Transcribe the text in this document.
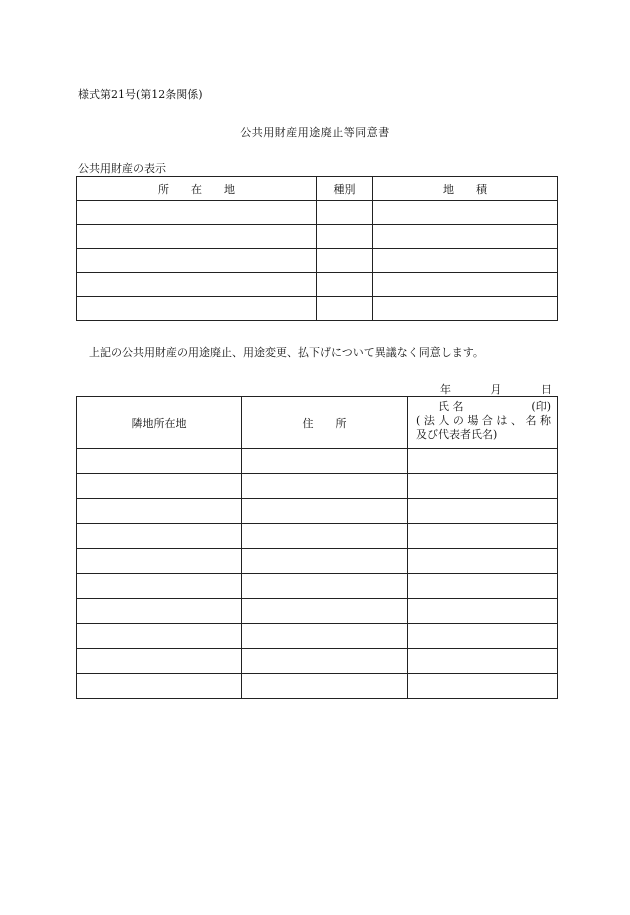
様式第21号(第12条関係)
公共用財産用途廃止等同意書
公共用財産の表示
所　　在　　地	種別	地　　積

上記の公共用財産の用途廃止、用途変更、払下げについて異議なく同意します。
年	月	日
隣地所在地	住　　所	氏 名 (印)
(法人の場合は、名称
及び代表者氏名)
